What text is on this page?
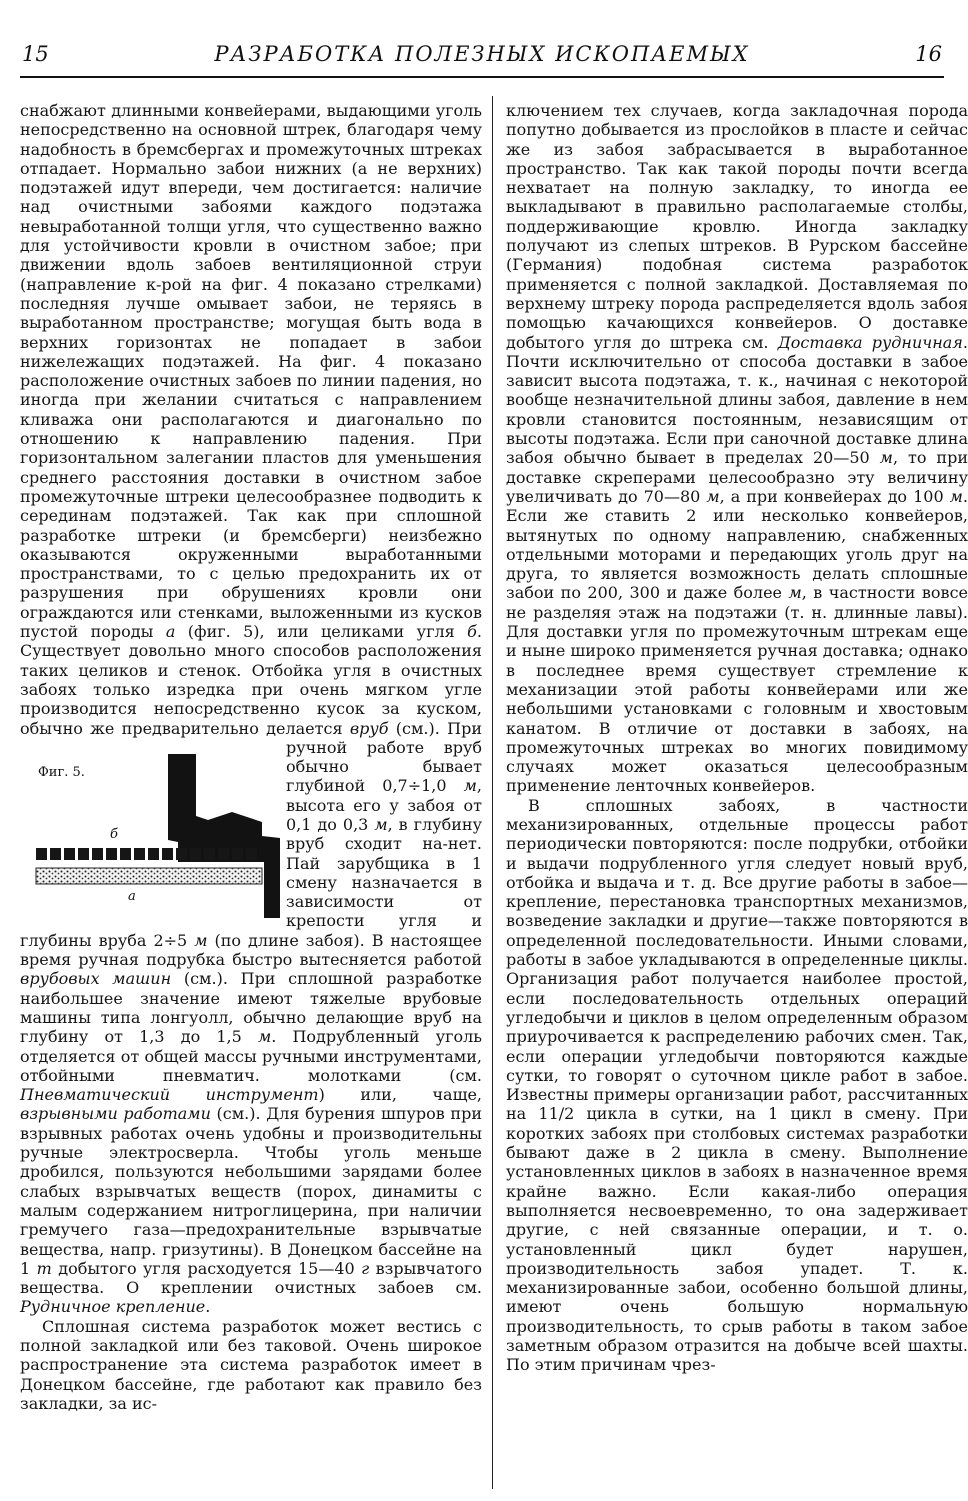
15	РАЗРАБОТКА ПОЛЕЗНЫХ ИСКОПАЕМЫХ	16

снабжают длинными конвейерами, выдающими уголь непосредственно на основной штрек, благодаря чему надобность в бремсбергах и промежуточных штреках отпадает. Нормально забои нижних (а не верхних) подэтажей идут впереди, чем достигается: наличие над очистными забоями каждого подэтажа невыработанной толщи угля, что существенно важно для устойчивости кровли в очистном забое; при движении вдоль забоев вентиляционной струи (направление к-рой на фиг. 4 показано стрелками) последняя лучше омывает забои, не теряясь в выработанном пространстве; могущая быть вода в верхних горизонтах не попадает в забои нижележащих подэтажей. На фиг. 4 показано расположение очистных забоев по линии падения, но иногда при желании считаться с направлением кливажа они располагаются и диагонально по отношению к направлению падения. При горизонтальном залегании пластов для уменьшения среднего расстояния доставки в очистном забое промежуточные штреки целесообразнее подводить к серединам подэтажей. Так как при сплошной разработке штреки (и бремсберги) неизбежно оказываются окруженными выработанными пространствами, то с целью предохранить их от разрушения при обрушениях кровли они ограждаются или стенками, выложенными из кусков пустой породы а (фиг. 5), или целиками угля б. Существует довольно много способов расположения таких целиков и стенок. Отбойка угля в очистных забоях только изредка при очень мягком угле производится непосредственно кусок за куском, обычно же предварительно делается
Фиг. 5.
б
а
вруб (см.). При ручной работе вруб обычно бывает глубиной 0,7÷1,0 м, высота его у забоя от 0,1 до 0,3 м, в глубину вруб сходит на-нет. Пай зарубщика в 1 смену назначается в зависимости от крепости угля и глубины вруба 2÷5 м (по длине забоя). В настоящее время ручная подрубка быстро вытесняется работой врубовых машин (см.). При сплошной разработке наибольшее значение имеют тяжелые врубовые машины типа лонгуолл, обычно делающие вруб на глубину от 1,3 до 1,5 м. Подрубленный уголь отделяется от общей массы ручными инструментами, отбойными пневматич. молотками (см. Пневматический инструмент) или, чаще, взрывными работами (см.). Для бурения шпуров при взрывных работах очень удобны и производительны ручные электросверла. Чтобы уголь меньше дробился, пользуются небольшими зарядами более слабых взрывчатых веществ (порох, динамиты с малым содержанием нитроглицерина, при наличии гремучего газа—предохранительные взрывчатые вещества, напр. гризутины). В Донецком бассейне на 1 т добытого угля расходуется 15—40 г взрывчатого вещества. О креплении очистных забоев см. Рудничное крепление.

Сплошная система разработок может вестись с полной закладкой или без таковой. Очень широкое распространение эта система разработок имеет в Донецком бассейне, где работают как правило без закладки, за ис-

ключением тех случаев, когда закладочная порода попутно добывается из прослойков в пласте и сейчас же из забоя забрасывается в выработанное пространство. Так как такой породы почти всегда нехватает на полную закладку, то иногда ее выкладывают в правильно располагаемые столбы, поддерживающие кровлю. Иногда закладку получают из слепых штреков. В Рурском бассейне (Германия) подобная система разработок применяется с полной закладкой. Доставляемая по верхнему штреку порода распределяется вдоль забоя помощью качающихся конвейеров. О доставке добытого угля до штрека см. Доставка рудничная. Почти исключительно от способа доставки в забое зависит высота подэтажа, т. к., начиная с некоторой вообще незначительной длины забоя, давление в нем кровли становится постоянным, независящим от высоты подэтажа. Если при саночной доставке длина забоя обычно бывает в пределах 20—50 м, то при доставке скреперами целесообразно эту величину увеличивать до 70—80 м, а при конвейерах до 100 м. Если же ставить 2 или несколько конвейеров, вытянутых по одному направлению, снабженных отдельными моторами и передающих уголь друг на друга, то является возможность делать сплошные забои по 200, 300 и даже более м, в частности вовсе не разделяя этаж на подэтажи (т. н. длинные лавы). Для доставки угля по промежуточным штрекам еще и ныне широко применяется ручная доставка; однако в последнее время существует стремление к механизации этой работы конвейерами или же небольшими установками с головным и хвостовым канатом. В отличие от доставки в забоях, на промежуточных штреках во многих повидимому случаях может оказаться целесообразным применение ленточных конвейеров.

В сплошных забоях, в частности механизированных, отдельные процессы работ периодически повторяются: после подрубки, отбойки и выдачи подрубленного угля следует новый вруб, отбойка и выдача и т. д. Все другие работы в забое—крепление, перестановка транспортных механизмов, возведение закладки и другие—также повторяются в определенной последовательности. Иными словами, работы в забое укладываются в определенные циклы. Организация работ получается наиболее простой, если последовательность отдельных операций угледобычи и циклов в целом определенным образом приурочивается к распределению рабочих смен. Так, если операции угледобычи повторяются каждые сутки, то говорят о суточном цикле работ в забое. Известны примеры организации работ, рассчитанных на 11/2 цикла в сутки, на 1 цикл в смену. При коротких забоях при столбовых системах разработки бывают даже в 2 цикла в смену. Выполнение установленных циклов в забоях в назначенное время крайне важно. Если какая-либо операция выполняется несвоевременно, то она задерживает другие, с ней связанные операции, и т. о. установленный цикл будет нарушен, производительность забоя упадет. Т. к. механизированные забои, особенно большой длины, имеют очень большую нормальную производительность, то срыв работы в таком забое заметным образом отразится на добыче всей шахты. По этим причинам чрез-
